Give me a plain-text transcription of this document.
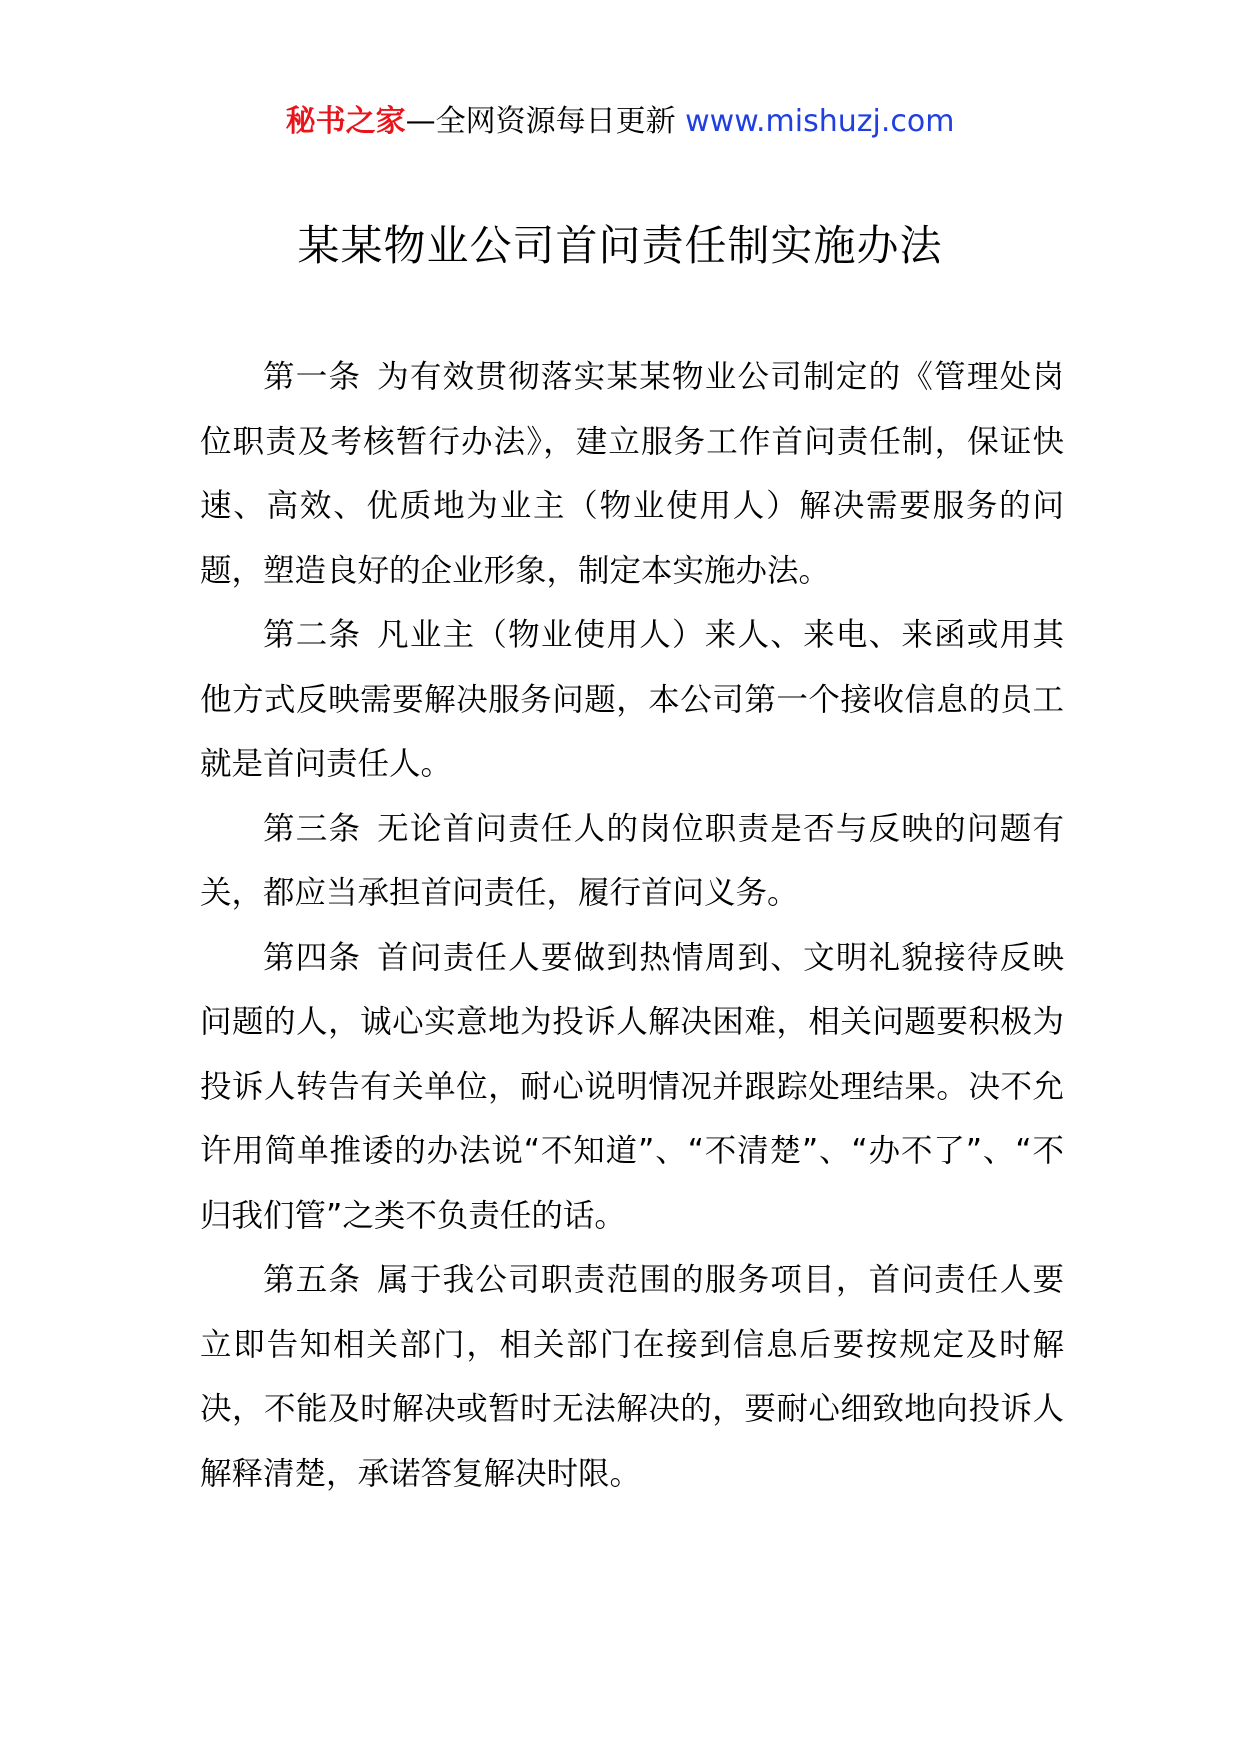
秘书之家—全网资源每日更新 www.mishuzj.com
某某物业公司首问责任制实施办法

第一条 为有效贯彻落实某某物业公司制定的《管理处岗位职责及考核暂行办法》，建立服务工作首问责任制，保证快速、高效、优质地为业主（物业使用人）解决需要服务的问题，塑造良好的企业形象，制定本实施办法。

第二条 凡业主（物业使用人）来人、来电、来函或用其他方式反映需要解决服务问题，本公司第一个接收信息的员工就是首问责任人。

第三条 无论首问责任人的岗位职责是否与反映的问题有关，都应当承担首问责任，履行首问义务。

第四条 首问责任人要做到热情周到、文明礼貌接待反映问题的人，诚心实意地为投诉人解决困难，相关问题要积极为投诉人转告有关单位，耐心说明情况并跟踪处理结果。决不允许用简单推诿的办法说“不知道”、“不清楚”、“办不了”、“不归我们管”之类不负责任的话。

第五条 属于我公司职责范围的服务项目，首问责任人要立即告知相关部门，相关部门在接到信息后要按规定及时解决，不能及时解决或暂时无法解决的，要耐心细致地向投诉人解释清楚，承诺答复解决时限。
